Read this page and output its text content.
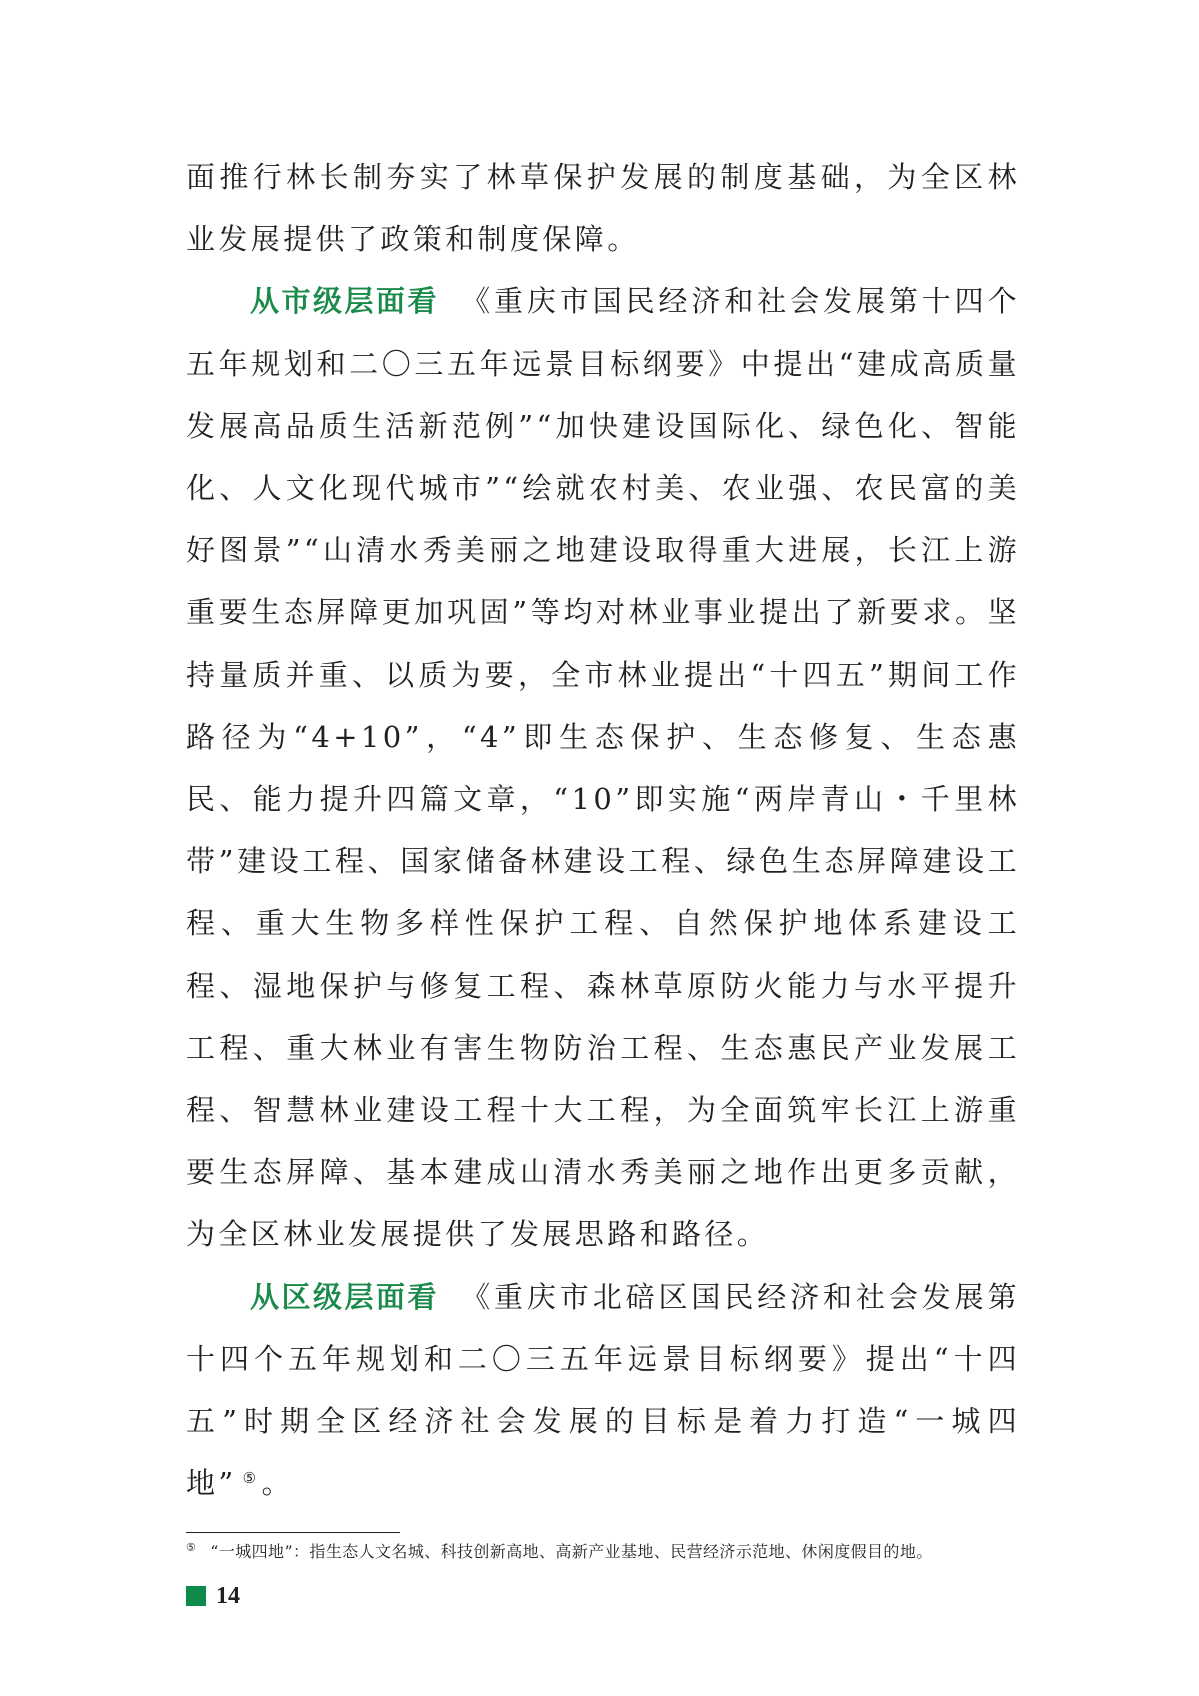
面推行林长制夯实了林草保护发展的制度基础，为全区林业发展提供了政策和制度保障。

从市级层面看 《重庆市国民经济和社会发展第十四个五年规划和二〇三五年远景目标纲要》中提出“建成高质量发展高品质生活新范例”“加快建设国际化、绿色化、智能化、人文化现代城市”“绘就农村美、农业强、农民富的美好图景”“山清水秀美丽之地建设取得重大进展，长江上游重要生态屏障更加巩固”等均对林业事业提出了新要求。坚持量质并重、以质为要，全市林业提出“十四五”期间工作路径为“4+10”，“4”即生态保护、生态修复、生态惠民、能力提升四篇文章，“10”即实施“两岸青山・千里林带”建设工程、国家储备林建设工程、绿色生态屏障建设工程、重大生物多样性保护工程、自然保护地体系建设工程、湿地保护与修复工程、森林草原防火能力与水平提升工程、重大林业有害生物防治工程、生态惠民产业发展工程、智慧林业建设工程十大工程，为全面筑牢长江上游重要生态屏障、基本建成山清水秀美丽之地作出更多贡献，为全区林业发展提供了发展思路和路径。

从区级层面看 《重庆市北碚区国民经济和社会发展第十四个五年规划和二〇三五年远景目标纲要》提出“十四五”时期全区经济社会发展的目标是着力打造“一城四地” ⑤。

⑤ “一城四地”：指生态人文名城、科技创新高地、高新产业基地、民营经济示范地、休闲度假目的地。
14
